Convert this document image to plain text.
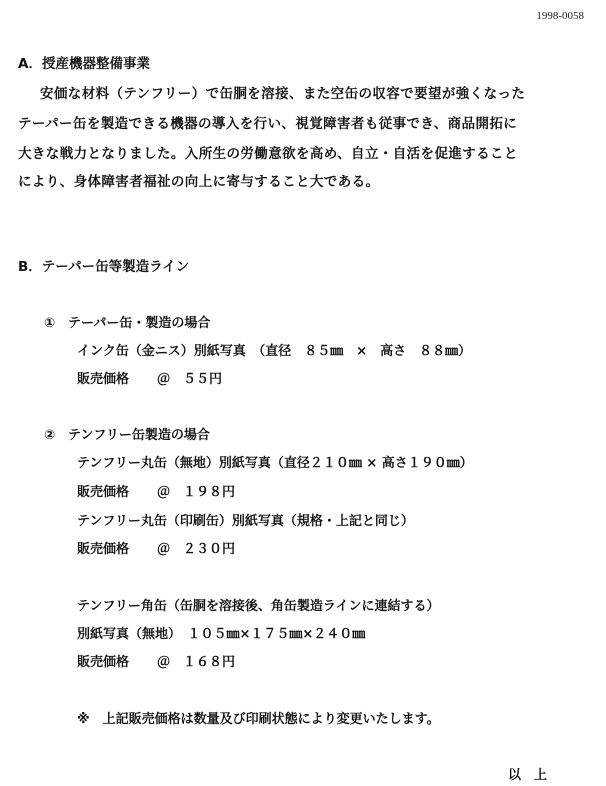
1998-0058
A．授産機器整備事業
安価な材料（テンフリー）で缶胴を溶接、また空缶の収容で要望が強くなった
テーパー缶を製造できる機器の導入を行い、視覚障害者も従事でき、商品開拓に
大きな戦力となりました。入所生の労働意欲を高め、自立・自活を促進すること
により、身体障害者福祉の向上に寄与すること大である。
B．テーパー缶等製造ライン
①　テーパー缶・製造の場合
インク缶（金ニス）別紙写真　（直径　８５㎜　×　高さ　８８㎜）
販売価格 ＠　５５円
②　テンフリー缶製造の場合
テンフリー丸缶（無地）別紙写真（直径２１０㎜ × 高さ１９０㎜）
販売価格 ＠　１９８円
テンフリー丸缶（印刷缶）別紙写真（規格・上記と同じ）
販売価格 ＠　２３０円
テンフリー角缶（缶胴を溶接後、角缶製造ラインに連結する）
別紙写真（無地）　１０５㎜×１７５㎜×２４０㎜
販売価格 ＠　１６８円
※　上記販売価格は数量及び印刷状態により変更いたします。
以　上
